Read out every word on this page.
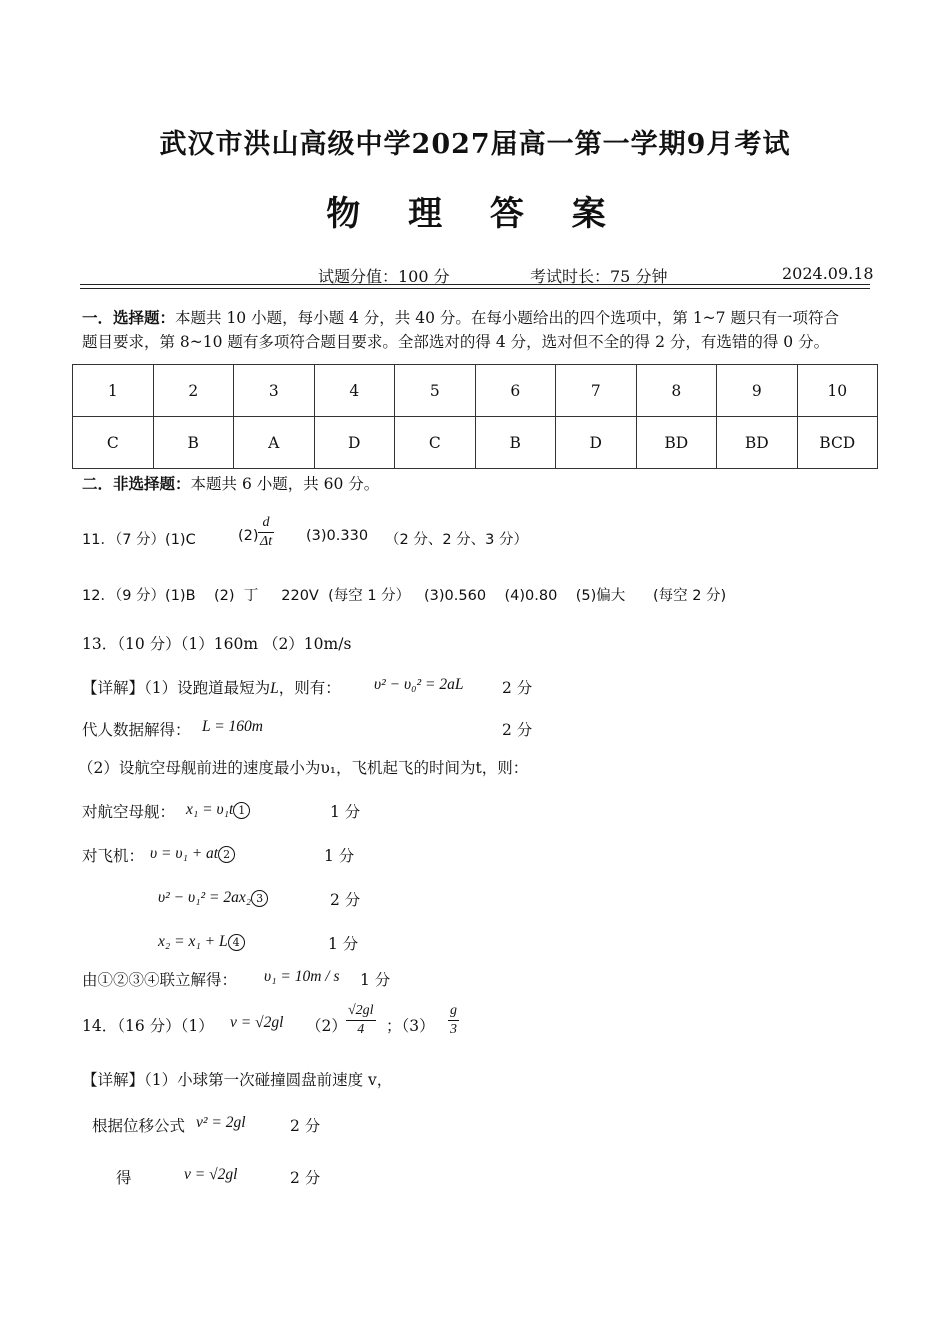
武汉市洪山高级中学2027届高一第一学期9月考试
物 理 答 案
试题分值：100 分	考试时长：75 分钟	2024.09.18
一．选择题：本题共 10 小题，每小题 4 分，共 40 分。在每小题给出的四个选项中，第 1~7 题只有一项符合
题目要求，第 8~10 题有多项符合题目要求。全部选对的得 4 分，选对但不全的得 2 分，有选错的得 0 分。
1	2	3	4	5	6	7	8	9	10
C	B	A	D	C	B	D	BD	BD	BCD
二．非选择题：本题共 6 小题，共 60 分。
11．（7 分）(1)C	$(2) \frac{d}{\Delta t} (3)0.330$ （2 分、2 分、3 分）
12．（9 分）(1)B    (2)  丁     220V  (每空 1 分）   (3)0.560    (4)0.80    (5)偏大      (每空 2 分)
13．（10 分）（1）160m （2）10m/s
【详解】（1）设跑道最短为L，则有： υ² − υ₀² = 2aL 2 分
代人数据解得： L = 160m	2 分
（2）设航空母舰前进的速度最小为υ₁，飞机起飞的时间为t，则：
对航空母舰： x₁ = υ₁t 1	1 分
对飞机： υ = υ₁ + at 2	1 分
υ² − υ₁² = 2ax₂ 3	2 分
x₂ = x₁ + L 4	1 分
由①②③④联立解得： υ₁ = 10m / s 1 分
14．（16 分）（1） v = √2gl $(2) \frac{√2gl}{4}$ ；$(3) \frac{g}{3}$
【详解】（1）小球第一次碰撞圆盘前速度 v，
根据位移公式 v² = 2gl	2 分
得	v = √2gl	2 分
